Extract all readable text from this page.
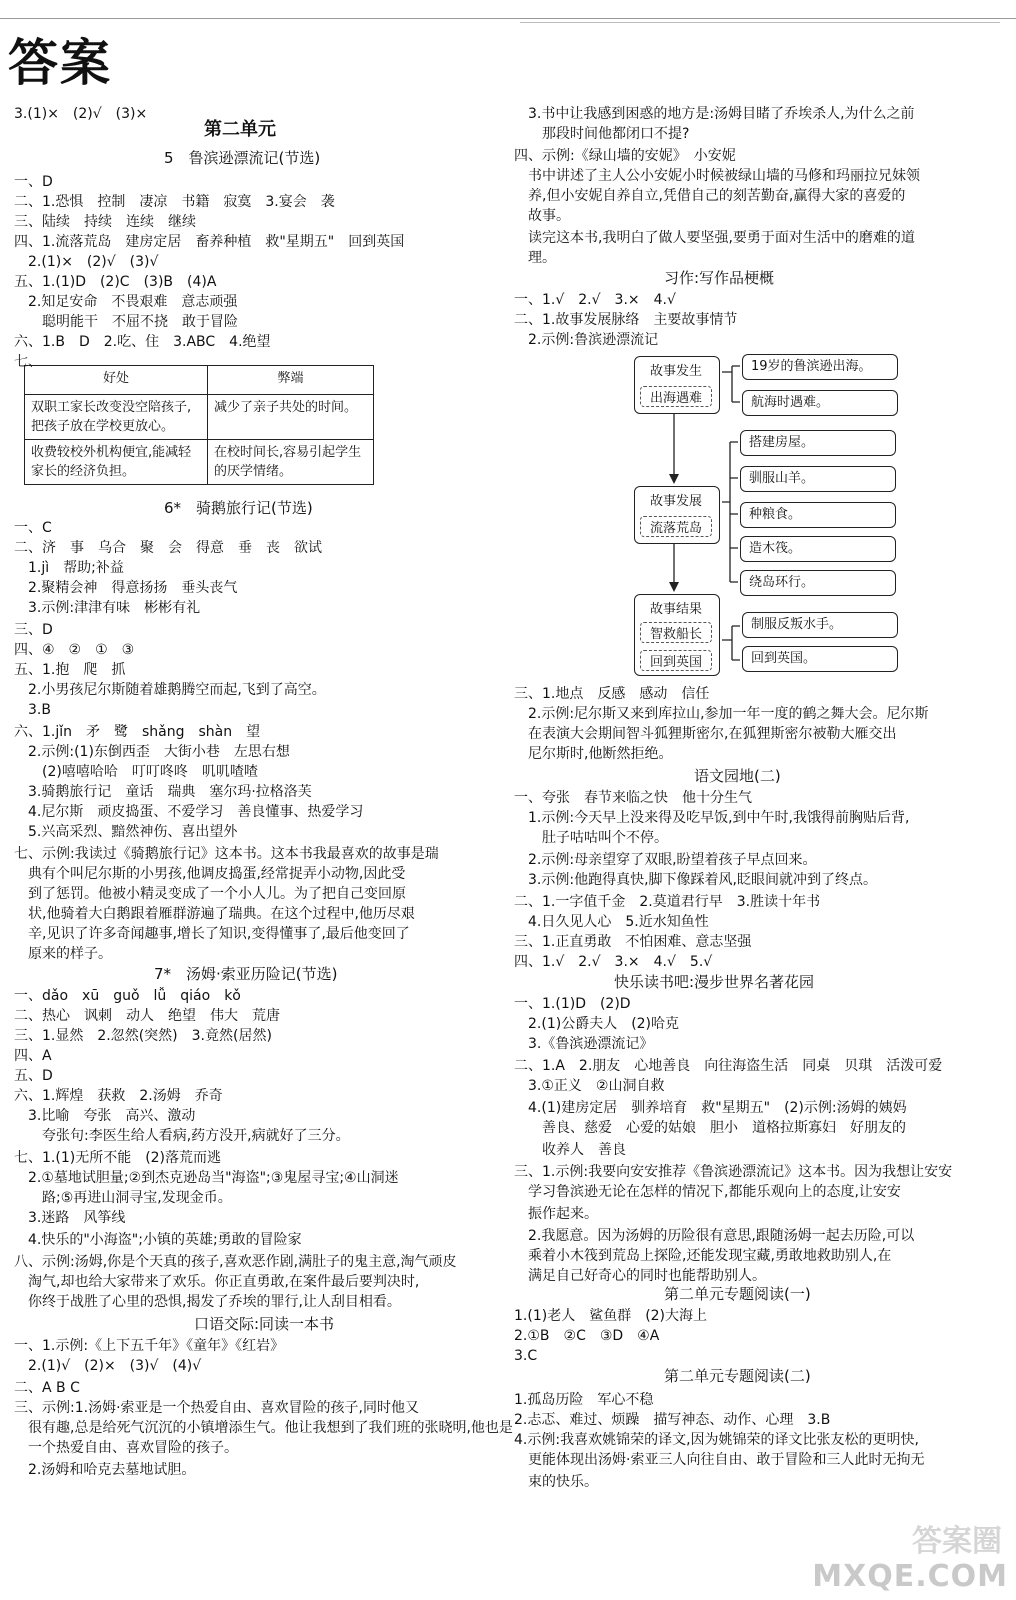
答案
3.(1)×　(2)√　(3)×
第二单元
5　鲁滨逊漂流记(节选)
一、D
二、1.恐惧　控制　凄凉　书籍　寂寞　3.宴会　袭
三、陆续　持续　连续　继续
四、1.流落荒岛　建房定居　畜养种植　救"星期五"　回到英国
　2.(1)×　(2)√　(3)√
五、1.(1)D　(2)C　(3)B　(4)A
　2.知足安命　不畏艰难　意志顽强
　　聪明能干　不屈不挠　敢于冒险
六、1.B　D　2.吃、住　3.ABC　4.绝望
七、
6*　骑鹅旅行记(节选)
一、C
二、济　事　乌合　聚　会　得意　垂　丧　欲试
　1.jì　帮助;补益
　2.聚精会神　得意扬扬　垂头丧气
　3.示例:津津有味　彬彬有礼
三、D
四、④　②　①　③
五、1.抱　爬　抓
　2.小男孩尼尔斯随着雄鹅腾空而起,飞到了高空。
　3.B
六、1.jǐn　矛　鹭　shǎng　shàn　望
　2.示例:(1)东倒西歪　大街小巷　左思右想
　　(2)嘻嘻哈哈　叮叮咚咚　叽叽喳喳
　3.骑鹅旅行记　童话　瑞典　塞尔玛·拉格洛芙
　4.尼尔斯　顽皮捣蛋、不爱学习　善良懂事、热爱学习
　5.兴高采烈、黯然神伤、喜出望外
七、示例:我读过《骑鹅旅行记》这本书。这本书我最喜欢的故事是瑞
　典有个叫尼尔斯的小男孩,他调皮捣蛋,经常捉弄小动物,因此受
　到了惩罚。他被小精灵变成了一个小人儿。为了把自己变回原
　状,他骑着大白鹅跟着雁群游遍了瑞典。在这个过程中,他历尽艰
　辛,见识了许多奇闻趣事,增长了知识,变得懂事了,最后他变回了
　原来的样子。
7*　汤姆·索亚历险记(节选)
一、dǎo　xū　guǒ　lǚ　qiáo　kǒ
二、热心　讽刺　动人　绝望　伟大　荒唐
三、1.显然　2.忽然(突然)　3.竟然(居然)
四、A
五、D
六、1.辉煌　获救　2.汤姆　乔奇
　3.比喻　夸张　高兴、激动
　　夸张句:李医生给人看病,药方没开,病就好了三分。
七、1.(1)无所不能　(2)落荒而逃
　2.①墓地试胆量;②到杰克逊岛当"海盗";③鬼屋寻宝;④山洞迷
　　路;⑤再进山洞寻宝,发现金币。
　3.迷路　风筝线
　4.快乐的"小海盗";小镇的英雄;勇敢的冒险家
八、示例:汤姆,你是个天真的孩子,喜欢恶作剧,满肚子的鬼主意,淘气顽皮
　淘气,却也给大家带来了欢乐。你正直勇敢,在案件最后要判决时,
　你终于战胜了心里的恐惧,揭发了乔埃的罪行,让人刮目相看。
口语交际:同读一本书
一、1.示例:《上下五千年》《童年》《红岩》
　2.(1)√　(2)×　(3)√　(4)√
二、A B C
三、示例:1.汤姆·索亚是一个热爱自由、喜欢冒险的孩子,同时他又
　很有趣,总是给死气沉沉的小镇增添生气。他让我想到了我们班的张晓明,他也是
　一个热爱自由、喜欢冒险的孩子。
　2.汤姆和哈克去墓地试胆。
　3.书中让我感到困惑的地方是:汤姆目睹了乔埃杀人,为什么之前
　　那段时间他都闭口不提?
四、示例:《绿山墙的安妮》　小安妮
　书中讲述了主人公小安妮小时候被绿山墙的马修和玛丽拉兄妹领
　养,但小安妮自养自立,凭借自己的刻苦勤奋,赢得大家的喜爱的
　故事。
　读完这本书,我明白了做人要坚强,要勇于面对生活中的磨难的道
　理。
习作:写作品梗概
一、1.√　2.√　3.×　4.√
二、1.故事发展脉络　主要故事情节
　2.示例:鲁滨逊漂流记
三、1.地点　反感　感动　信任
　2.示例:尼尔斯又来到库拉山,参加一年一度的鹤之舞大会。尼尔斯
　在表演大会期间智斗狐狸斯密尔,在狐狸斯密尔被勒大雁交出
　尼尔斯时,他断然拒绝。
语文园地(二)
一、夸张　春节来临之快　他十分生气
　1.示例:今天早上没来得及吃早饭,到中午时,我饿得前胸贴后背,
　　肚子咕咕叫个不停。
　2.示例:母亲望穿了双眼,盼望着孩子早点回来。
　3.示例:他跑得真快,脚下像踩着风,眨眼间就冲到了终点。
二、1.一字值千金　2.莫道君行早　3.胜读十年书
　4.日久见人心　5.近水知鱼性
三、1.正直勇敢　不怕困难、意志坚强
四、1.√　2.√　3.×　4.√　5.√
快乐读书吧:漫步世界名著花园
一、1.(1)D　(2)D
　2.(1)公爵夫人　(2)哈克
　3.《鲁滨逊漂流记》
二、1.A　2.朋友　心地善良　向往海盗生活　同桌　贝琪　活泼可爱
　3.①正义　②山洞自救
　4.(1)建房定居　驯养培育　救"星期五"　(2)示例:汤姆的姨妈
　　善良、慈爱　心爱的姑娘　胆小　道格拉斯寡妇　好朋友的
　　收养人　善良
三、1.示例:我要向安安推荐《鲁滨逊漂流记》这本书。因为我想让安安
　学习鲁滨逊无论在怎样的情况下,都能乐观向上的态度,让安安
　振作起来。
　2.我愿意。因为汤姆的历险很有意思,跟随汤姆一起去历险,可以
　乘着小木筏到荒岛上探险,还能发现宝藏,勇敢地救助别人,在
　满足自己好奇心的同时也能帮助别人。
第二单元专题阅读(一)
1.(1)老人　鲨鱼群　(2)大海上
2.①B　②C　③D　④A
3.C
第二单元专题阅读(二)
1.孤岛历险　军心不稳
2.忐忑、难过、烦躁　描写神态、动作、心理　3.B
4.示例:我喜欢姚锦荣的译文,因为姚锦荣的译文比张友松的更明快,
　更能体现出汤姆·索亚三人向往自由、敢于冒险和三人此时无拘无
　束的快乐。
好处	弊端
双职工家长改变没空陪孩子,把孩子放在学校更放心。	减少了亲子共处的时间。
收费较校外机构便宜,能减轻家长的经济负担。	在校时间长,容易引起学生的厌学情绪。
故事发生
出海遇难
19岁的鲁滨逊出海。
航海时遇难。
故事发展
流落荒岛
搭建房屋。
驯服山羊。
种粮食。
造木筏。
绕岛环行。
故事结果
智救船长
回到英国
制服反叛水手。
回到英国。
答案圈
MXQE.COM
